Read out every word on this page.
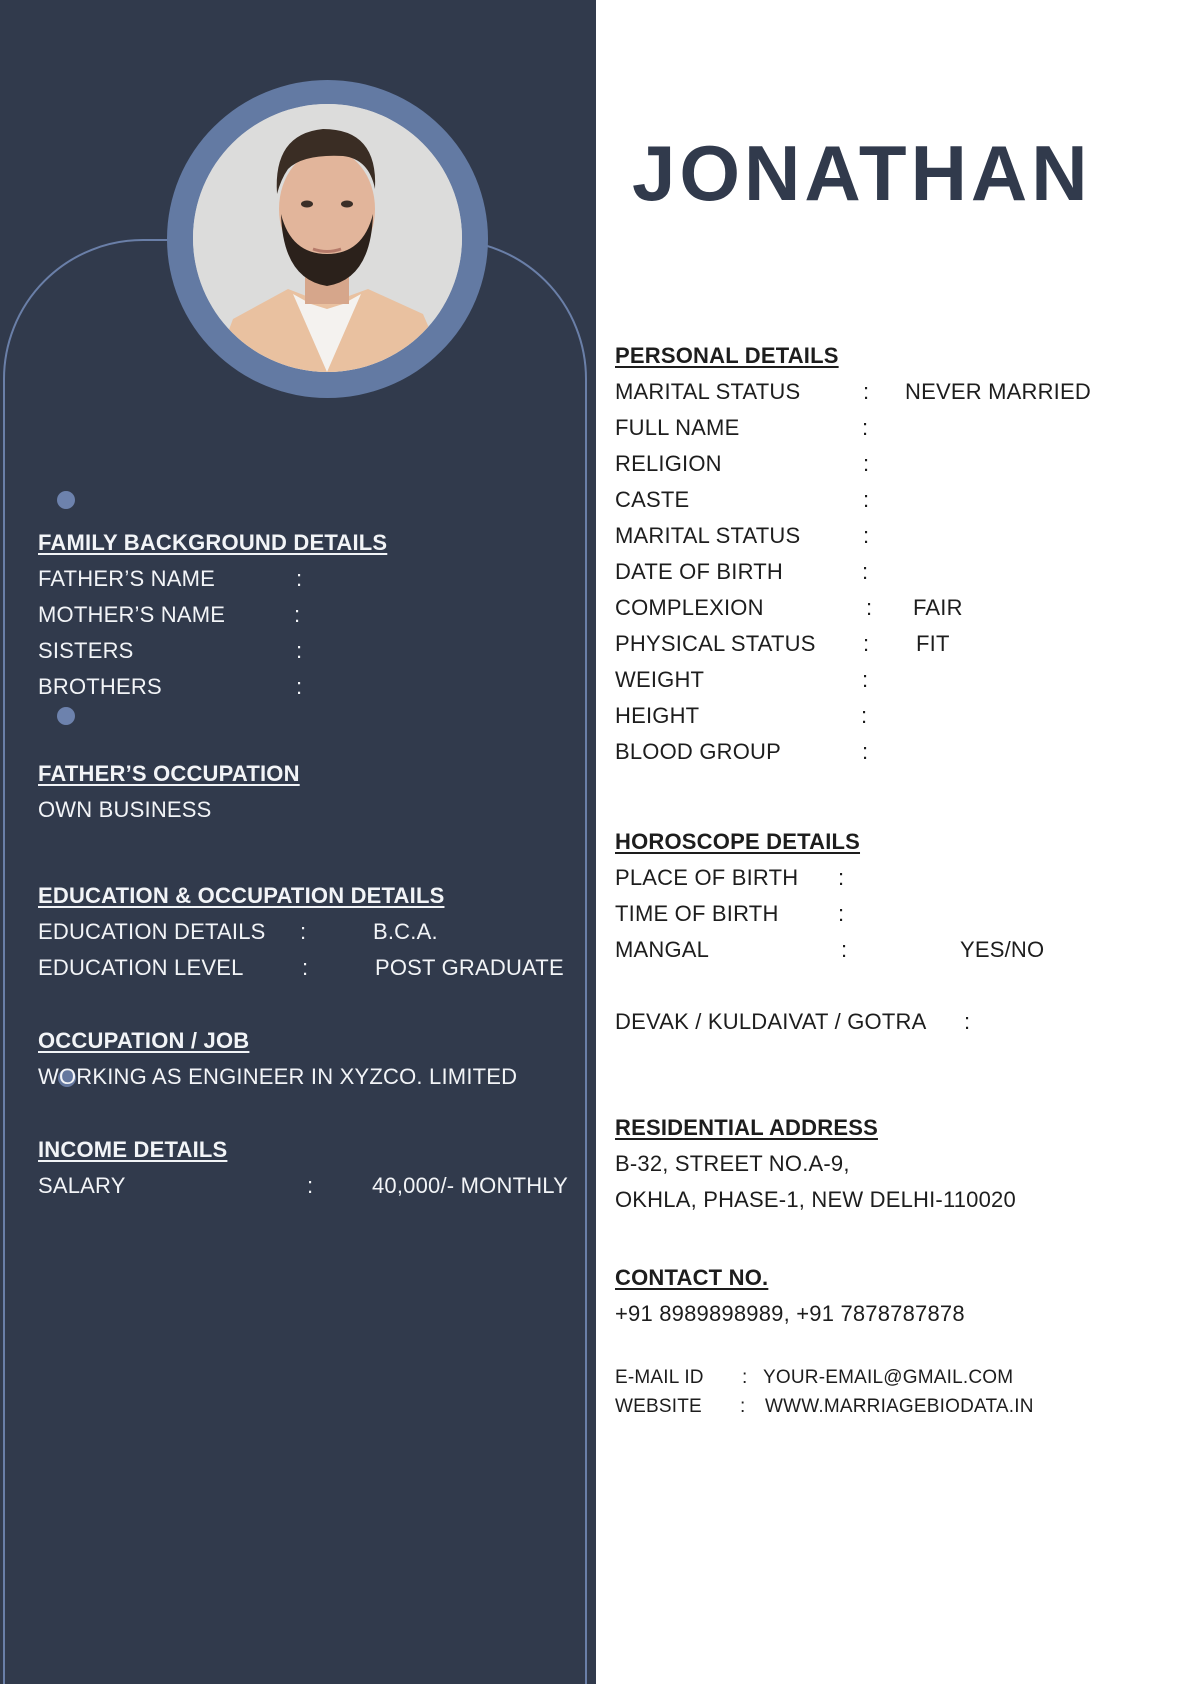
FAMILY BACKGROUND DETAILS
FATHER’S NAME	:
MOTHER’S NAME	:
SISTERS	:
BROTHERS	:
FATHER’S OCCUPATION
OWN BUSINESS
EDUCATION & OCCUPATION DETAILS
EDUCATION DETAILS :	B.C.A.
EDUCATION LEVEL	:	POST GRADUATE
OCCUPATION / JOB
WORKING AS ENGINEER IN XYZCO. LIMITED
INCOME DETAILS
SALARY	:	40,000/- MONTHLY
JONATHAN
PERSONAL DETAILS
MARITAL STATUS	: NEVER MARRIED
FULL NAME	:
RELIGION	:
CASTE	:
MARITAL STATUS	:
DATE OF BIRTH	:
COMPLEXION	: FAIR
PHYSICAL STATUS : FIT
WEIGHT	:
HEIGHT	:
BLOOD GROUP	:
HOROSCOPE DETAILS
PLACE OF BIRTH :
TIME OF BIRTH	:
MANGAL	:	YES/NO
DEVAK / KULDAIVAT / GOTRA :
RESIDENTIAL ADDRESS
B-32, STREET NO.A-9,
OKHLA, PHASE-1, NEW DELHI-110020
CONTACT NO.
+91 8989898989, +91 7878787878
E-MAIL ID : YOUR-EMAIL@GMAIL.COM
WEBSITE : WWW.MARRIAGEBIODATA.IN
